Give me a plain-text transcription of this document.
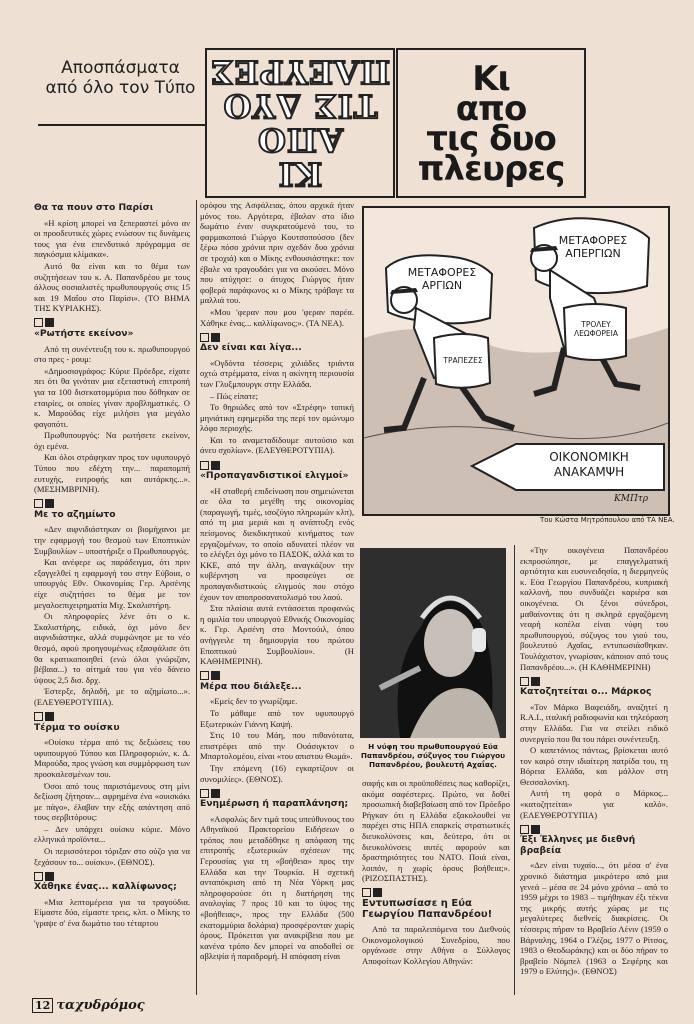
Αποσπάσματα
από όλο τον Τύπο
ΚΙ
ΑΠΟ
ΤΙΣ ΔΥΟ
ΠΛΕΥΡΕΣ	Κι
απο
τις δυο
πλευρες
Θα τα πουν στο Παρίσι

«Η κρίση μπορεί να ξεπεραστεί μόνο αν οι προοδευτικές χώρες ενώσουν τις δυνάμεις τους για ένα επενδυτικό πρόγραμμα σε παγκόσμια κλίμακα».

Αυτό θα είναι και το θέμα των συζητήσεων του κ. Α. Παπανδρέου με τους άλλους σοσιαλιστές πρωθυπουργούς στις 15 και 19 Μαΐου στο Παρίσι». (ΤΟ ΒΗΜΑ ΤΗΣ ΚΥΡΙΑΚΗΣ).

«Ρωτήστε εκείνον»

Από τη συνέντευξη του κ. πρωθυπουργού στο πρες - ρουμ:

«Δημοσιογράφος: Κύριε Πρόεδρε, είχατε πει ότι θα γινόταν μια εξεταστική επιτροπή για τα 100 δισεκατομμύρια που δόθηκαν σε εταιρίες, οι οποίες γίναν προβληματικές. Ο κ. Μαρούδας είχε μιλήσει για μεγάλο φαγοπότι.

Πρωθυπουργός: Να ρωτήσετε εκείνον, όχι εμένα.

Και όλοι στράφηκαν προς τον υφυπουργό Τύπου που εδέχτη την... παραπομπή ευτυχής, ευτροφής και αυτάρκης...». (ΜΕΣΗΜΒΡΙΝΗ).

Με το αζημίωτο

«Δεν αιφνιδιάστηκαν οι βιομήχανοι με την εφαρμογή του θεσμού των Εποπτικών Συμβουλίων – υποστήριξε ο Πρωθυπουργός.

Και ανέφερε ως παράδειγμα, ότι πριν εξαγγελθεί η εφαρμογή του στην Εύβοια, ο υπουργός Εθν. Οικονομίας Γερ. Αρσένης είχε συζητήσει το θέμα με τον μεγαλοεπιχειρηματία Μιχ. Σκαλιστήρη.

Οι πληροφορίες λένε ότι ο κ. Σκαλιστήρης, ειδικά, όχι μόνο δεν αιφνιδιάστηκε, αλλά συμφώνησε με το νέο θεσμό, αφού προηγουμένως εξασφάλισε ότι θα κρατικοποιηθεί (ενώ όλοι γνώριζαν, βέβαια...) το αίτημά του για νέο δάνειο ύψους 2,5 δισ. δρχ.

Έστερξε, δηλαδή, με το αζημίωτο...». (ΕΛΕΥΘΕΡΟΤΥΠΙΑ).

Τέρμα το ουίσκυ

«Ουίσκυ τέρμα από τις δεξιώσεις του υφυπουργού Τύπου και Πληροφοριών, κ. Δ. Μαρούδα, προς γνώση και συμμόρφωση των προσκαλεσμένων του.

Όσοι από τους παριστάμενους στη μίνι δεξίωση ζήτησαν... αφρημένα ένα «ουισκάκι με πάγο», έλαβαν την εξής απάντηση από τους σερβιτόρους:

– Δεν υπάρχει ουίσκυ κύριε. Μόνο ελληνικά προϊόντα...

Οι περισσότεροι τόριξαν στο ούζο για να ξεχάσουν το... ουίσκυ». (ΕΘΝΟΣ).

Χάθηκε ένας... καλλίφωνος;

«Μια λεπτομέρεια για τα τραγούδια. Είμαστε δύο, είμαστε τρεις, κλπ. ο Μίκης το 'γραψε σ' ένα δωμάτιο του τέταρτου

ορόφου της Ασφάλειας, όπου αρχικά ήταν μόνος του. Αργότερα, έβαλαν στο ίδιο δωμάτιο έναν συγκρατούμενό του, το φαρμακοποιό Γιώργο Κουτσοπούσσο (δεν ξέρω πόσο χρόνια πριν σχεδόν δυο χρόνια σε τροχιά) και ο Μίκης ενθουσιάστηκε: τον έβαλε να τραγουδάει για να ακούσει. Μόνο που ατύχησε: ο άτυχος Γιώργος ήταν φοβερά παράφωνος κι ο Μίκης τράβαγε τα μαλλιά του.

«Μου 'φεραν που μου 'φεραν παρέα. Χάθηκε ένας... καλλίφωνος;». (ΤΑ ΝΕΑ).

Δεν είναι και λίγα...

«Ογδόντα τέσσερις χιλιάδες τριάντα οχτώ στρέμματα, είναι η ακίνητη περιουσία των Γλυξμπουργκ στην Ελλάδα.

– Πώς είπατε;

Το θηριώδες από τον «Στρέφη» τοπική μηνιάτικη εφημερίδα της περί τον ομώνυμο λόφο περιοχής.

Και το αναμεταδίδουμε αυτούσιο και άνευ σχολίων». (ΕΛΕΥΘΕΡΟΤΥΠΙΑ).

«Προπαγανδιστικοί ελιγμοί»

«Η σταθερή επιδείνωση που σημειώνεται σε όλα τα μεγέθη της οικονομίας (παραγωγή, τιμές, ισοζύγιο πληρωμών κλπ), από τη μια μεριά και η ανάπτυξη ενός πείσμονος διεκδικητικού κινήματος των εργαζομένων, το οποίο αδυνατεί πλέον να το ελέγξει όχι μόνο το ΠΑΣΟΚ, αλλά και το ΚΚΕ, από την άλλη, αναγκάζουν την κυβέρνηση να προσφεύγει σε προπαγανδιστικούς ελιγμούς που στόχο έχουν τον αποπροσανατολισμό του λαού.

Στα πλαίσια αυτά εντάσσεται προφανώς η ομιλία του υπουργού Εθνικής Οικονομίας κ. Γερ. Αρσένη στο Μοντούιλ, όπου ανήγγειλε τη δημιουργία του πρώτου Εποπτικού Συμβουλίου». (Η ΚΑΘΗΜΕΡΙΝΗ).

Μέρα που διάλεξε...

«Εμείς δεν το γνωρίζαμε.

Το μάθαμε από τον υφυπουργό Εξωτερικών Γιάννη Καψή.

Στις 10 του Μάη, που πιθανότατα, επιστρέφει από την Ουάσιγκτον ο Μπαρτολομέου, είναι «του απιστου Θωμά».

Την επόμενη (16) εγκαρτίζουν οι συνομιλίες». (ΕΘΝΟΣ).

Ενημέρωση ή παραπλάνηση;

«Ασφαλώς δεν τιμά τους υπεύθυνους του Αθηναϊκού Πρακτορείου Ειδήσεων ο τρόπος που μεταδόθηκε η απόφαση της επιτροπής εξωτερικών σχέσεων της Γερουσίας για τη «βοήθεια» προς την Ελλάδα και την Τουρκία. Η σχετική ανταπόκριση από τη Νέα Υόρκη μας πληροφορούσε ότι η διατήρηση της αναλογίας 7 προς 10 και το ύψος της «βοήθειας», προς την Ελλάδα (500 εκατομμύρια δολάρια) προσφέρονταν χωρίς όρους. Πρόκειται για ανακρίβεια που με κανένα τρόπο δεν μπορεί να αποδοθεί σε αβλεψία ή παραδρομή. Η απόφαση είναι

ΜΕΤΑΦΟΡΕΣ ΑΡΓΙΩΝ
ΜΕΤΑΦΟΡΕΣ ΑΠΕΡΓΙΩΝ
ΤΡΑΠΕΖΕΣ
ΤΡΟΛΕΥ ΛΕΩΦΟΡΕΙΑ
ΟΙΚΟΝΟΜΙΚΗ ΑΝΑΚΑΜΨΗ
ΚΜΠτρ
Του Κώστα Μητρόπουλου από ΤΑ ΝΕΑ.
Η νύφη του πρωθυπουργού Εύα Παπανδρέου, σύζυγος του Γιώργου Παπανδρέου, βουλευτή Αχαΐας.

σαφής και οι προϋποθέσεις πως καθορίζει, ακόμα σαφέστερες. Πρώτο, να δοθεί προσωπική διαβεβαίωση από τον Πρόεδρο Ρήγκαν ότι η Ελλάδα εξακολουθεί να παρέχει στις ΗΠΑ επαρκείς στρατιωτικές διευκολύνσεις και, δεύτερο, ότι οι διευκολύνσεις αυτές αφορούν και δραστηριότητες του ΝΑΤΟ. Ποιά είναι, λοιπόν, η χωρίς όρους βοήθεια;». (ΡΙΖΟΣΠΑΣΤΗΣ).

Εντυπωσίασε η Εύα Γεωργίου Παπανδρέου!

Από τα παραλειπόμενα του Διεθνούς Οικονομολογικού Συνεδρίου, που οργάνωσε στην Αθήνα ο Σύλλογος Αποφοίτων Κολλεγίου Αθηνών:

«Την οικογένεια Παπανδρέου εκπροσώπησε, με επαγγελματική αρτιότητα και ευσυνειδησία, η διερμηνεύς κ. Εύα Γεωργίου Παπανδρέου, κυπριακή καλλονή, που συνδυάζει καριέρα και οικογένεια. Οι ξένοι σύνεδροι, μαθαίνοντας ότι η σκληρά εργαζόμενη νεαρή κοπέλα είναι νύφη του πρωθυπουργού, σύζυγος του γιού του, βουλευτού Αχαΐας, εντυπωσιάσθηκαν. Τουλάχιστον, γνωρίσαν, κάποιον από τους Παπανδρέου...». (Η ΚΑΘΗΜΕΡΙΝΗ)

Κατοζητείται ο... Μάρκος

«Τον Μάρκο Βαφειάδη, αναζητεί η R.A.I., ιταλική ραδιοφωνία και τηλεόραση στην Ελλάδα. Για να στείλει ειδικό συνεργείο που θα του πάρει συνέντευξη.

Ο καπετάνιος πάντως, βρίσκεται αυτό τον καιρό στην ιδιαίτερη πατρίδα του, τη Βόρεια Ελλάδα, και μάλλον στη Θεσσαλονίκη.

Αυτή τη φορά ο Μάρκος... «κατοζητείται» για καλό». (ΕΛΕΥΘΕΡΟΤΥΠΙΑ)

Έξι Έλληνες με διεθνή βραβεία

«Δεν είναι τυχαίο..., ότι μέσα σ' ένα χρονικό διάστημα μικρότερο από μια γενεά – μέσα σε 24 μόνο χρόνια – από το 1959 μέχρι το 1983 – τιμήθηκαν έξι τέκνα της μικρής αυτής χώρας με τις μεγαλύτερες διεθνείς διακρίσεις. Οι τέσσερις πήραν το Βραβείο Λένιν (1959 ο Βάρναλης, 1964 ο Γλέζος, 1977 ο Ρίτσος, 1983 ο Θεοδωράκης) και οι δύο πήραν το βραβείο Νόμπελ (1963 ο Σεφέρης και 1979 ο Ελύτης)». (ΕΘΝΟΣ)

12 ταχυδρόμος
